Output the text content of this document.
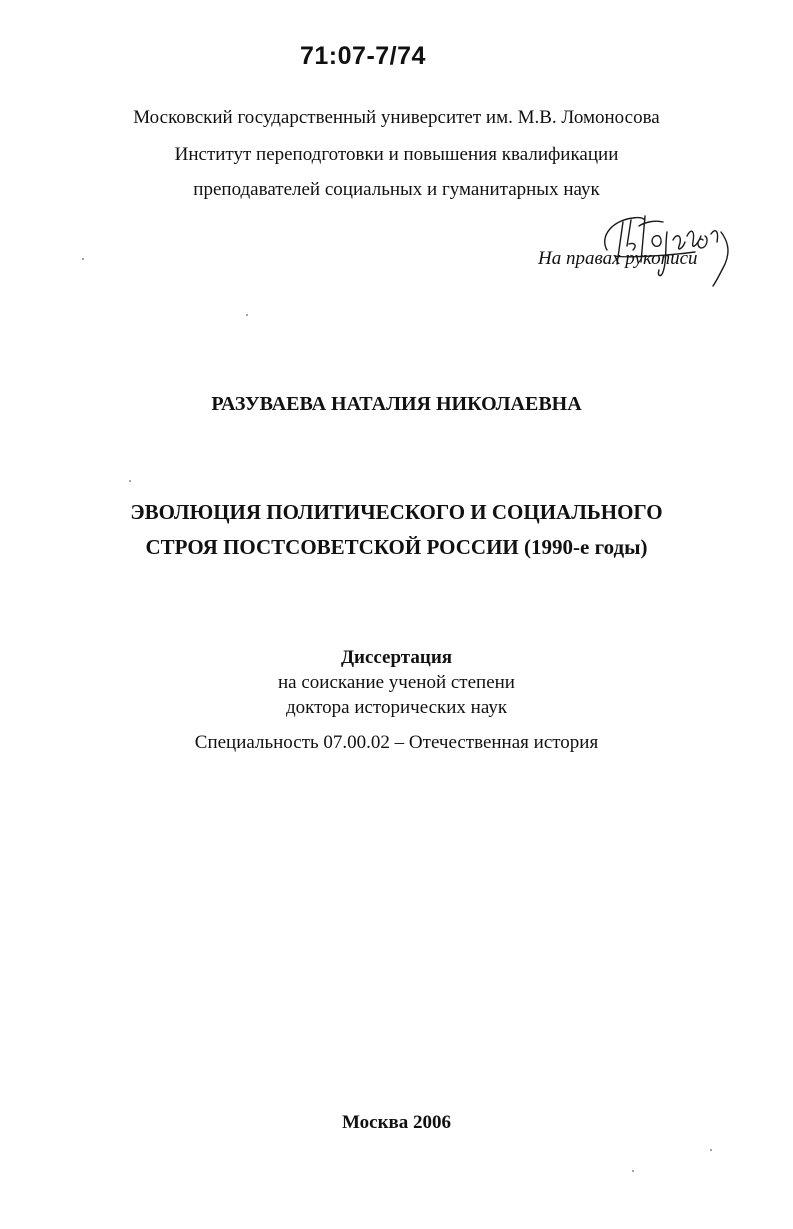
71:07-7/74
Московский государственный университет им. М.В. Ломоносова
Институт переподготовки и повышения квалификации
преподавателей социальных и гуманитарных наук
На правах рукописи
РАЗУВАЕВА НАТАЛИЯ НИКОЛАЕВНА
ЭВОЛЮЦИЯ ПОЛИТИЧЕСКОГО И СОЦИАЛЬНОГО
СТРОЯ ПОСТСОВЕТСКОЙ РОССИИ (1990-е годы)
Диссертация
на соискание ученой степени
доктора исторических наук
Специальность 07.00.02 – Отечественная история
Москва 2006
